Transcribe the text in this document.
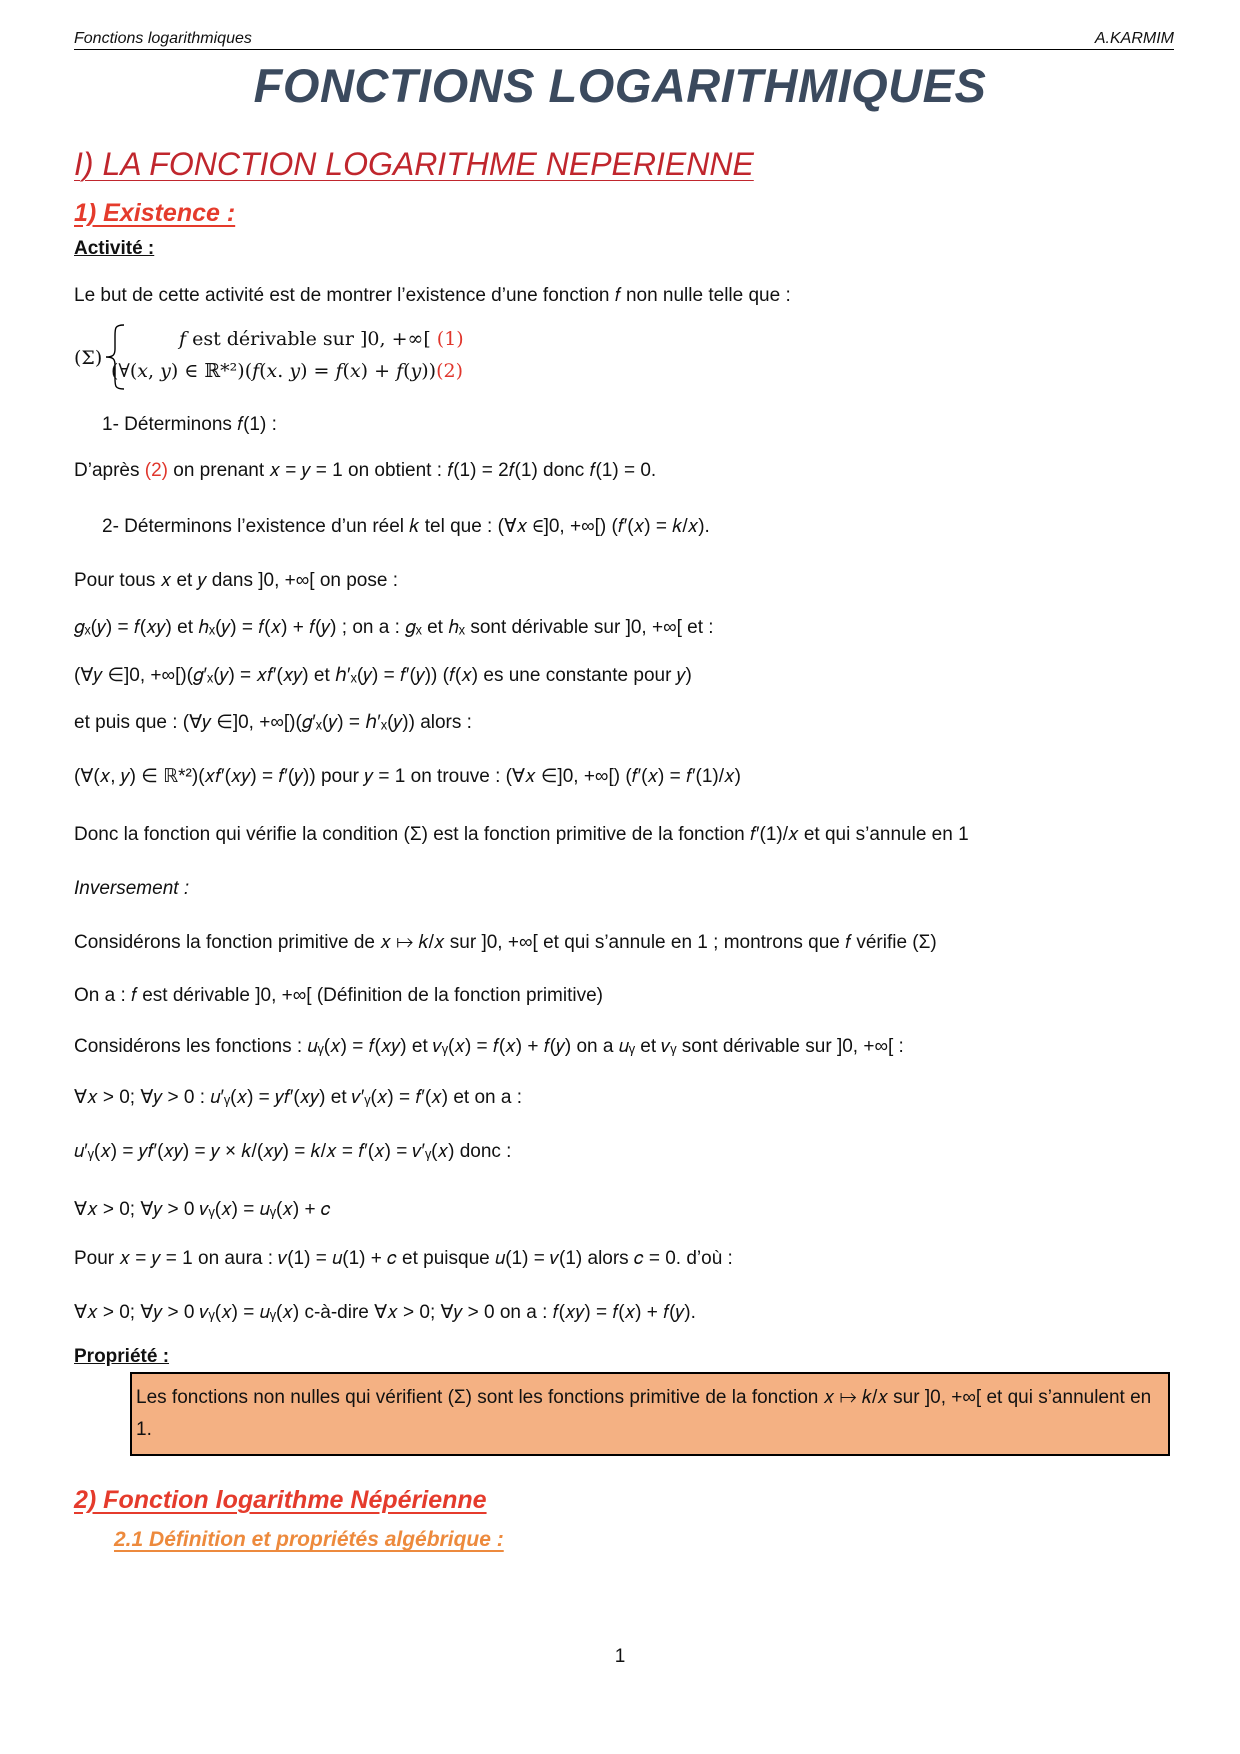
Fonctions logarithmiques	A.KARMIM
FONCTIONS LOGARITHMIQUES
I) LA FONCTION LOGARITHME NEPERIENNE
1) Existence :
Activité :
Le but de cette activité est de montrer l’existence d’une fonction 𝑓 non nulle telle que :
(Σ)
𝑓 est dérivable sur ]0, +∞[ (1)
(∀(𝑥, 𝑦) ∈ ℝ*²)(𝑓(𝑥. 𝑦) = 𝑓(𝑥) + 𝑓(𝑦))(2)
1- Déterminons 𝑓(1) :
D’après (2) on prenant 𝑥 = 𝑦 = 1 on obtient : 𝑓(1) = 2𝑓(1) donc 𝑓(1) = 0.
2- Déterminons l’existence d’un réel 𝑘 tel que : (∀𝑥 ∈]0, +∞[) (𝑓′(𝑥) = 𝑘/𝑥).
Pour tous 𝑥 et 𝑦 dans ]0, +∞[ on pose :
𝑔ₓ(𝑦) = 𝑓(𝑥𝑦) et ℎₓ(𝑦) = 𝑓(𝑥) + 𝑓(𝑦) ; on a : 𝑔ₓ et ℎₓ sont dérivable sur ]0, +∞[ et :
(∀𝑦 ∈]0, +∞[)(𝑔′ₓ(𝑦) = 𝑥𝑓′(𝑥𝑦) et ℎ′ₓ(𝑦) = 𝑓′(𝑦)) (𝑓(𝑥) es une constante pour 𝑦)
et puis que : (∀𝑦 ∈]0, +∞[)(𝑔′ₓ(𝑦) = ℎ′ₓ(𝑦)) alors :
(∀(𝑥, 𝑦) ∈ ℝ*²)(𝑥𝑓′(𝑥𝑦) = 𝑓′(𝑦)) pour 𝑦 = 1 on trouve : (∀𝑥 ∈]0, +∞[) (𝑓′(𝑥) = 𝑓′(1)/𝑥)
Donc la fonction qui vérifie la condition (Σ) est la fonction primitive de la fonction 𝑓′(1)/𝑥 et qui s’annule en 1
Inversement :
Considérons la fonction primitive de 𝑥 ↦ 𝑘/𝑥 sur ]0, +∞[ et qui s’annule en 1 ; montrons que 𝑓 vérifie (Σ)
On a : 𝑓 est dérivable ]0, +∞[ (Définition de la fonction primitive)
Considérons les fonctions : 𝑢ᵧ(𝑥) = 𝑓(𝑥𝑦) et 𝑣ᵧ(𝑥) = 𝑓(𝑥) + 𝑓(𝑦) on a 𝑢ᵧ et 𝑣ᵧ sont dérivable sur ]0, +∞[ :
∀𝑥 > 0; ∀𝑦 > 0 : 𝑢′ᵧ(𝑥) = 𝑦𝑓′(𝑥𝑦) et 𝑣′ᵧ(𝑥) = 𝑓′(𝑥) et on a :
𝑢′ᵧ(𝑥) = 𝑦𝑓′(𝑥𝑦) = 𝑦 × 𝑘/(𝑥𝑦) = 𝑘/𝑥 = 𝑓′(𝑥) = 𝑣′ᵧ(𝑥) donc :
∀𝑥 > 0; ∀𝑦 > 0 𝑣ᵧ(𝑥) = 𝑢ᵧ(𝑥) + 𝑐
Pour 𝑥 = 𝑦 = 1 on aura : 𝑣(1) = 𝑢(1) + 𝑐 et puisque 𝑢(1) = 𝑣(1) alors 𝑐 = 0. d’où :
∀𝑥 > 0; ∀𝑦 > 0 𝑣ᵧ(𝑥) = 𝑢ᵧ(𝑥) c-à-dire ∀𝑥 > 0; ∀𝑦 > 0 on a : 𝑓(𝑥𝑦) = 𝑓(𝑥) + 𝑓(𝑦).
Propriété :
Les fonctions non nulles qui vérifient (Σ) sont les fonctions primitive de la fonction 𝑥 ↦ 𝑘/𝑥 sur ]0, +∞[ et qui s’annulent en 1.
2) Fonction logarithme Népérienne
2.1 Définition et propriétés algébrique :
1
